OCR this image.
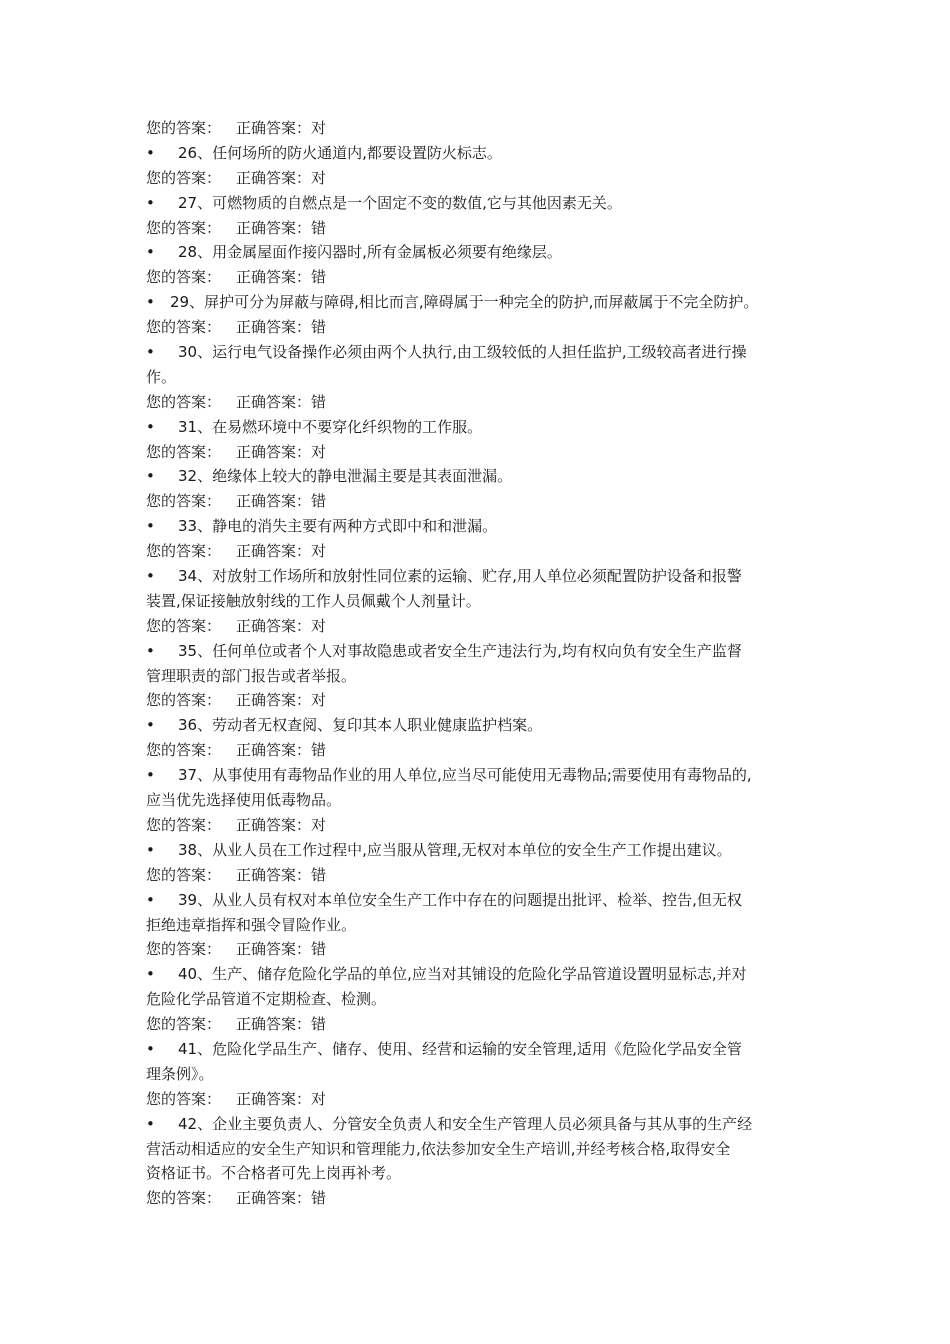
您的答案： 正确答案：对
• 26、任何场所的防火通道内,都要设置防火标志。
您的答案： 正确答案：对
• 27、可燃物质的自燃点是一个固定不变的数值,它与其他因素无关。
您的答案： 正确答案：错
• 28、用金属屋面作接闪器时,所有金属板必须要有绝缘层。
您的答案： 正确答案：错
• 29、屏护可分为屏蔽与障碍,相比而言,障碍属于一种完全的防护,而屏蔽属于不完全防护。
您的答案： 正确答案：错
• 30、运行电气设备操作必须由两个人执行,由工级较低的人担任监护,工级较高者进行操
作。
您的答案： 正确答案：错
• 31、在易燃环境中不要穿化纤织物的工作服。
您的答案： 正确答案：对
• 32、绝缘体上较大的静电泄漏主要是其表面泄漏。
您的答案： 正确答案：错
• 33、静电的消失主要有两种方式即中和和泄漏。
您的答案： 正确答案：对
• 34、对放射工作场所和放射性同位素的运输、贮存,用人单位必须配置防护设备和报警
装置,保证接触放射线的工作人员佩戴个人剂量计。
您的答案： 正确答案：对
• 35、任何单位或者个人对事故隐患或者安全生产违法行为,均有权向负有安全生产监督
管理职责的部门报告或者举报。
您的答案： 正确答案：对
• 36、劳动者无权查阅、复印其本人职业健康监护档案。
您的答案： 正确答案：错
• 37、从事使用有毒物品作业的用人单位,应当尽可能使用无毒物品;需要使用有毒物品的,
应当优先选择使用低毒物品。
您的答案： 正确答案：对
• 38、从业人员在工作过程中,应当服从管理,无权对本单位的安全生产工作提出建议。
您的答案： 正确答案：错
• 39、从业人员有权对本单位安全生产工作中存在的问题提出批评、检举、控告,但无权
拒绝违章指挥和强令冒险作业。
您的答案： 正确答案：错
• 40、生产、储存危险化学品的单位,应当对其铺设的危险化学品管道设置明显标志,并对
危险化学品管道不定期检查、检测。
您的答案： 正确答案：错
• 41、危险化学品生产、储存、使用、经营和运输的安全管理,适用《危险化学品安全管
理条例》。
您的答案： 正确答案：对
• 42、企业主要负责人、分管安全负责人和安全生产管理人员必须具备与其从事的生产经
营活动相适应的安全生产知识和管理能力,依法参加安全生产培训,并经考核合格,取得安全
资格证书。不合格者可先上岗再补考。
您的答案： 正确答案：错
